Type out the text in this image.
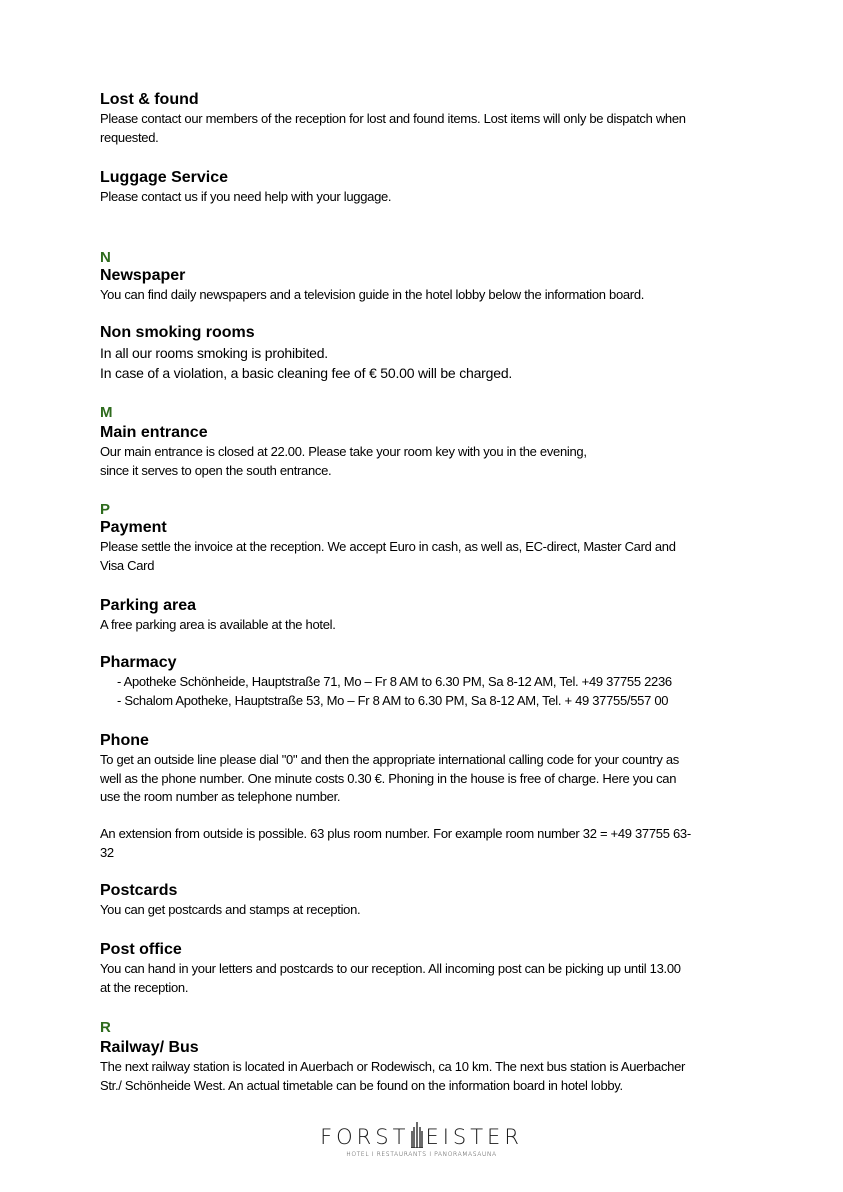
Lost & found
Please contact our members of the reception for lost and found items. Lost items will only be dispatch when
requested.
Luggage Service
Please contact us if you need help with your luggage.
N
Newspaper
You can find daily newspapers and a television guide in the hotel lobby below the information board.
Non smoking rooms
In all our rooms smoking is prohibited.
In case of a violation, a basic cleaning fee of € 50.00 will be charged.
M
Main entrance
Our main entrance is closed at 22.00. Please take your room key with you in the evening,
since it serves to open the south entrance.
P
Payment
Please settle the invoice at the reception. We accept Euro in cash, as well as, EC-direct, Master Card and
Visa Card
Parking area
A free parking area is available at the hotel.
Pharmacy
- Apotheke Schönheide, Hauptstraße 71, Mo – Fr 8 AM to 6.30 PM, Sa 8-12 AM, Tel. +49 37755 2236
- Schalom Apotheke, Hauptstraße 53, Mo – Fr 8 AM to 6.30 PM, Sa 8-12 AM, Tel. + 49 37755/557 00
Phone
To get an outside line please dial "0" and then the appropriate international calling code for your country as
well as the phone number. One minute costs 0.30 €. Phoning in the house is free of charge. Here you can
use the room number as telephone number.
An extension from outside is possible. 63 plus room number. For example room number 32 = +49 37755 63-
32
Postcards
You can get postcards and stamps at reception.
Post office
You can hand in your letters and postcards to our reception. All incoming post can be picking up until 13.00
at the reception.
R
Railway/ Bus
The next railway station is located in Auerbach or Rodewisch, ca 10 km. The next bus station is Auerbacher
Str./ Schönheide West. An actual timetable can be found on the information board in hotel lobby.
FORST EISTER
HOTEL I RESTAURANTS I PANORAMASAUNA
